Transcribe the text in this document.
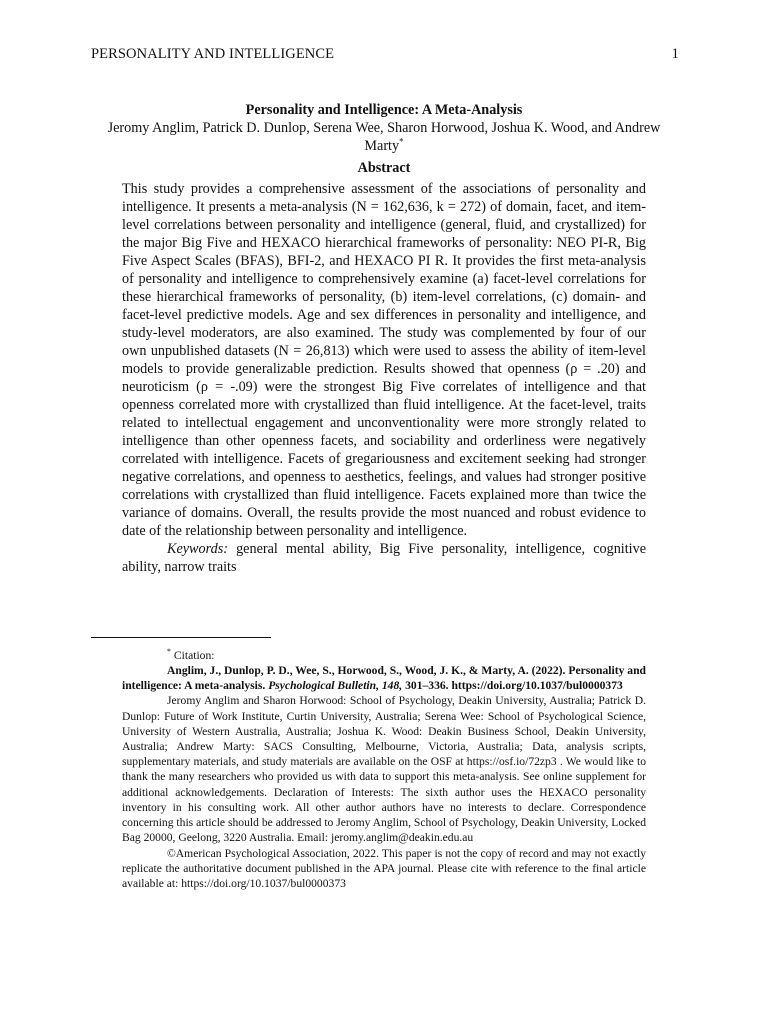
PERSONALITY AND INTELLIGENCE	1
Personality and Intelligence: A Meta-Analysis
Jeromy Anglim, Patrick D. Dunlop, Serena Wee, Sharon Horwood, Joshua K. Wood, and Andrew Marty*
Abstract

This study provides a comprehensive assessment of the associations of personality and intelligence. It presents a meta-analysis (N = 162,636, k = 272) of domain, facet, and item-level correlations between personality and intelligence (general, fluid, and crystallized) for the major Big Five and HEXACO hierarchical frameworks of personality: NEO PI-R, Big Five Aspect Scales (BFAS), BFI-2, and HEXACO PI R. It provides the first meta-analysis of personality and intelligence to comprehensively examine (a) facet-level correlations for these hierarchical frameworks of personality, (b) item-level correlations, (c) domain- and facet-level predictive models. Age and sex differences in personality and intelligence, and study-level moderators, are also examined. The study was complemented by four of our own unpublished datasets (N = 26,813) which were used to assess the ability of item-level models to provide generalizable prediction. Results showed that openness (ρ = .20) and neuroticism (ρ = -.09) were the strongest Big Five correlates of intelligence and that openness correlated more with crystallized than fluid intelligence. At the facet-level, traits related to intellectual engagement and unconventionality were more strongly related to intelligence than other openness facets, and sociability and orderliness were negatively correlated with intelligence. Facets of gregariousness and excitement seeking had stronger negative correlations, and openness to aesthetics, feelings, and values had stronger positive correlations with crystallized than fluid intelligence. Facets explained more than twice the variance of domains. Overall, the results provide the most nuanced and robust evidence to date of the relationship between personality and intelligence.

Keywords: general mental ability, Big Five personality, intelligence, cognitive ability, narrow traits

* Citation:

Anglim, J., Dunlop, P. D., Wee, S., Horwood, S., Wood, J. K., & Marty, A. (2022). Personality and intelligence: A meta-analysis. Psychological Bulletin, 148, 301–336. https://doi.org/10.1037/bul0000373

Jeromy Anglim and Sharon Horwood: School of Psychology, Deakin University, Australia; Patrick D. Dunlop: Future of Work Institute, Curtin University, Australia; Serena Wee: School of Psychological Science, University of Western Australia, Australia; Joshua K. Wood: Deakin Business School, Deakin University, Australia; Andrew Marty: SACS Consulting, Melbourne, Victoria, Australia; Data, analysis scripts, supplementary materials, and study materials are available on the OSF at https://osf.io/72zp3 . We would like to thank the many researchers who provided us with data to support this meta-analysis. See online supplement for additional acknowledgements. Declaration of Interests: The sixth author uses the HEXACO personality inventory in his consulting work. All other author authors have no interests to declare. Correspondence concerning this article should be addressed to Jeromy Anglim, School of Psychology, Deakin University, Locked Bag 20000, Geelong, 3220 Australia. Email: jeromy.anglim@deakin.edu.au

©American Psychological Association, 2022. This paper is not the copy of record and may not exactly replicate the authoritative document published in the APA journal. Please cite with reference to the final article available at: https://doi.org/10.1037/bul0000373
